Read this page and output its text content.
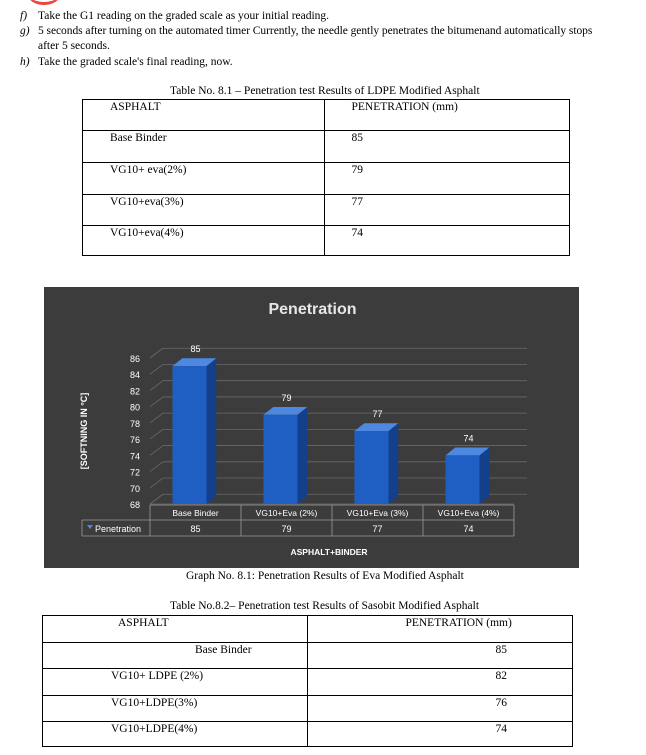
f) Take the G1 reading on the graded scale as your initial reading.
g) 5 seconds after turning on the automated timer Currently, the needle gently penetrates the bitumenand automatically stops
after 5 seconds.
h) Take the graded scale's final reading, now.
Table No. 8.1 – Penetration test Results of LDPE Modified Asphalt
ASPHALT	PENETRATION (mm)

Base Binder	85

VG10+ eva(2%)	79

VG10+eva(3%)	77

VG10+eva(4%)	74
Penetration
68
70
72
74
76
78
80
82
84
86
[SOFTNING IN °C]
Penetration
85
Base Binder
85
79
VG10+Eva (2%)
79
77
VG10+Eva (3%)
77
74
VG10+Eva (4%)
74
ASPHALT+BINDER
Graph No. 8.1: Penetration Results of Eva Modified Asphalt
Table No.8.2– Penetration test Results of Sasobit Modified Asphalt
ASPHALT	PENETRATION (mm)

Base Binder	85

VG10+ LDPE (2%)	82

VG10+LDPE(3%)	76

VG10+LDPE(4%)	74
